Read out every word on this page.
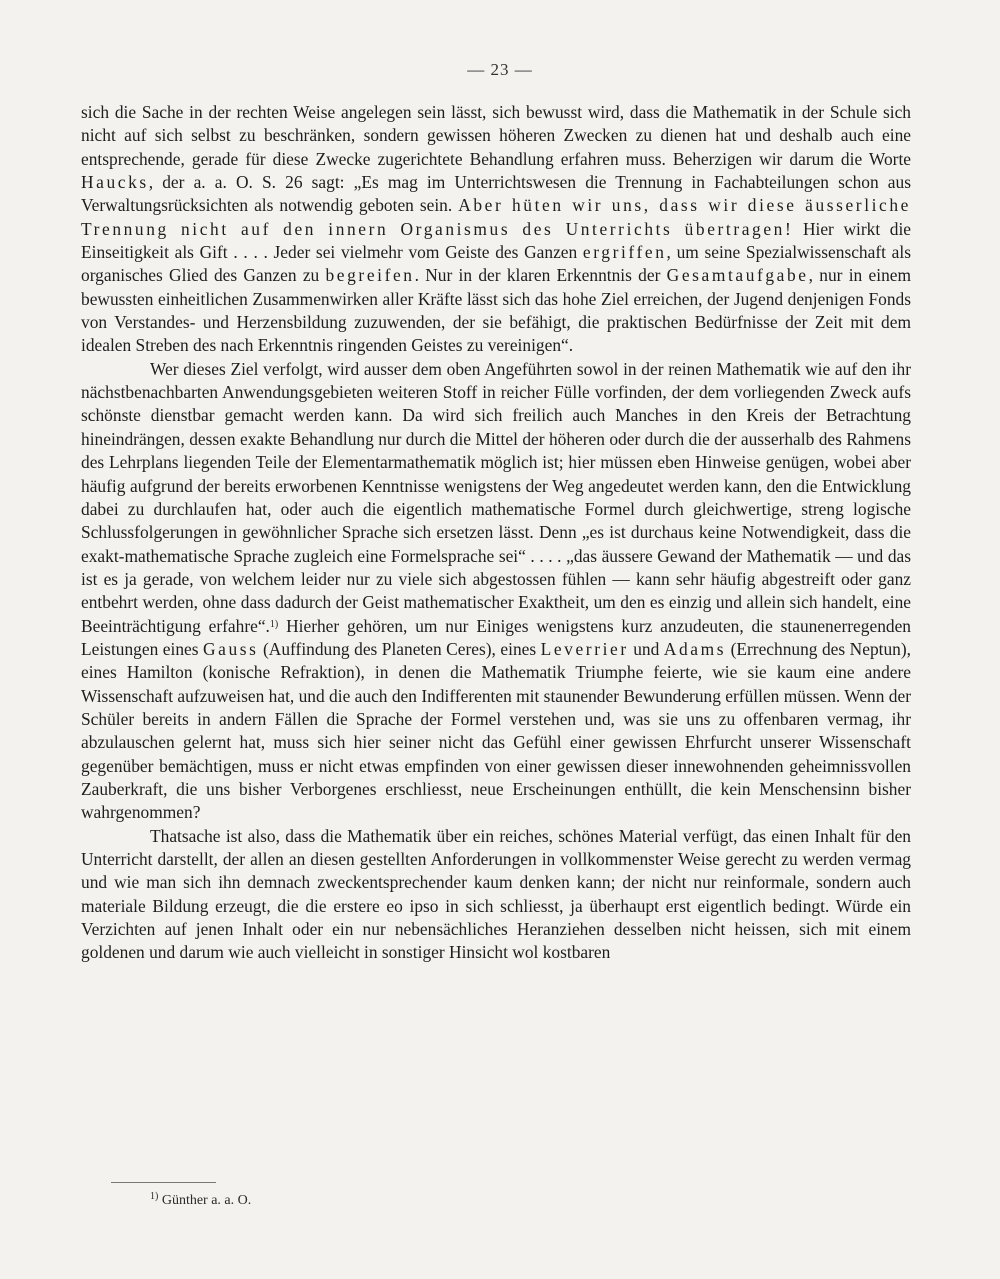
— 23 —

sich die Sache in der rechten Weise angelegen sein lässt, sich bewusst wird, dass die Mathematik in der Schule sich nicht auf sich selbst zu beschränken, sondern gewissen höheren Zwecken zu dienen hat und deshalb auch eine entsprechende, gerade für diese Zwecke zugerichtete Behandlung erfahren muss. Beherzigen wir darum die Worte Haucks, der a. a. O. S. 26 sagt: „Es mag im Unterrichtswesen die Trennung in Fachabteilungen schon aus Verwaltungsrücksichten als notwendig geboten sein. Aber hüten wir uns, dass wir diese äusserliche Trennung nicht auf den innern Organismus des Unterrichts übertragen! Hier wirkt die Einseitigkeit als Gift . . . . Jeder sei vielmehr vom Geiste des Ganzen ergriffen, um seine Spezialwissenschaft als organisches Glied des Ganzen zu begreifen. Nur in der klaren Erkenntnis der Gesamtaufgabe, nur in einem bewussten einheitlichen Zusammenwirken aller Kräfte lässt sich das hohe Ziel erreichen, der Jugend denjenigen Fonds von Verstandes- und Herzensbildung zuzuwenden, der sie befähigt, die praktischen Bedürfnisse der Zeit mit dem idealen Streben des nach Erkenntnis ringenden Geistes zu vereinigen“.

Wer dieses Ziel verfolgt, wird ausser dem oben Angeführten sowol in der reinen Mathematik wie auf den ihr nächstbenachbarten Anwendungsgebieten weiteren Stoff in reicher Fülle vorfinden, der dem vorliegenden Zweck aufs schönste dienstbar gemacht werden kann. Da wird sich freilich auch Manches in den Kreis der Betrachtung hineindrängen, dessen exakte Behandlung nur durch die Mittel der höheren oder durch die der ausserhalb des Rahmens des Lehrplans liegenden Teile der Elementarmathematik möglich ist; hier müssen eben Hinweise genügen, wobei aber häufig aufgrund der bereits erworbenen Kenntnisse wenigstens der Weg angedeutet werden kann, den die Entwicklung dabei zu durchlaufen hat, oder auch die eigentlich mathematische Formel durch gleichwertige, streng logische Schlussfolgerungen in gewöhnlicher Sprache sich ersetzen lässt. Denn „es ist durchaus keine Notwendigkeit, dass die exakt-mathematische Sprache zugleich eine Formelsprache sei“ . . . . „das äussere Gewand der Mathematik — und das ist es ja gerade, von welchem leider nur zu viele sich abgestossen fühlen — kann sehr häufig abgestreift oder ganz entbehrt werden, ohne dass dadurch der Geist mathematischer Exaktheit, um den es einzig und allein sich handelt, eine Beeinträchtigung erfahre“.$^{1)}$ Hierher gehören, um nur Einiges wenigstens kurz anzudeuten, die staunenerregenden Leistungen eines Gauss (Auffindung des Planeten Ceres), eines Leverrier und Adams (Errechnung des Neptun), eines Hamilton (konische Refraktion), in denen die Mathematik Triumphe feierte, wie sie kaum eine andere Wissenschaft aufzuweisen hat, und die auch den Indifferenten mit staunender Bewunderung erfüllen müssen. Wenn der Schüler bereits in andern Fällen die Sprache der Formel verstehen und, was sie uns zu offenbaren vermag, ihr abzulauschen gelernt hat, muss sich hier seiner nicht das Gefühl einer gewissen Ehrfurcht unserer Wissenschaft gegenüber bemächtigen, muss er nicht etwas empfinden von einer gewissen dieser innewohnenden geheimnissvollen Zauberkraft, die uns bisher Verborgenes erschliesst, neue Erscheinungen enthüllt, die kein Menschensinn bisher wahrgenommen?

Thatsache ist also, dass die Mathematik über ein reiches, schönes Material verfügt, das einen Inhalt für den Unterricht darstellt, der allen an diesen gestellten Anforderungen in vollkommenster Weise gerecht zu werden vermag und wie man sich ihn demnach zweckentsprechender kaum denken kann; der nicht nur reinformale, sondern auch materiale Bildung erzeugt, die die erstere eo ipso in sich schliesst, ja überhaupt erst eigentlich bedingt. Würde ein Verzichten auf jenen Inhalt oder ein nur nebensächliches Heranziehen desselben nicht heissen, sich mit einem goldenen und darum wie auch vielleicht in sonstiger Hinsicht wol kostbaren

$^{1)}$ Günther a. a. O.
